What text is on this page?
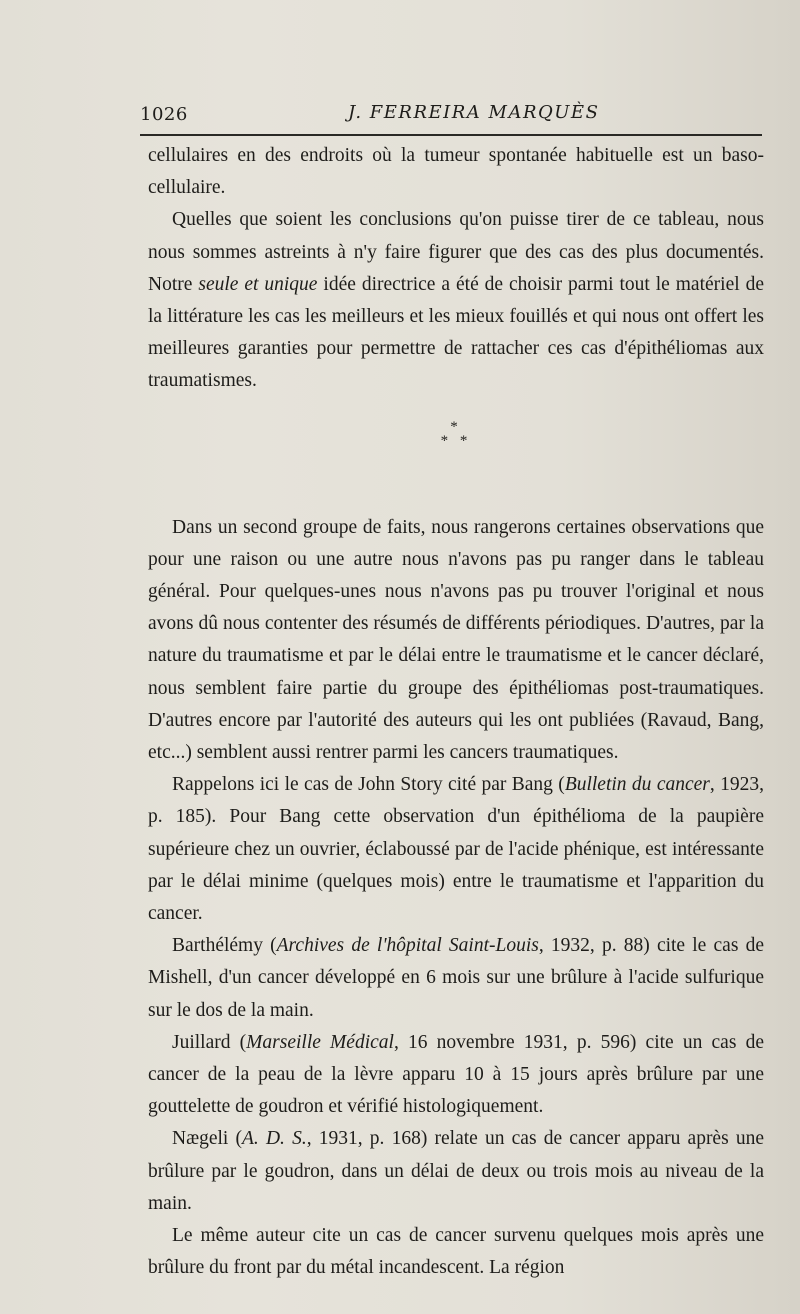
1026	J. FERREIRA MARQUÈS

cellulaires en des endroits où la tumeur spontanée habituelle est un baso-cellulaire.

Quelles que soient les conclusions qu'on puisse tirer de ce tableau, nous nous sommes astreints à n'y faire figurer que des cas des plus documentés. Notre seule et unique idée directrice a été de choisir parmi tout le matériel de la littérature les cas les meilleurs et les mieux fouillés et qui nous ont offert les meilleures garanties pour permettre de rattacher ces cas d'épithéliomas aux traumatismes.

*
* *

Dans un second groupe de faits, nous rangerons certaines observations que pour une raison ou une autre nous n'avons pas pu ranger dans le tableau général. Pour quelques-unes nous n'avons pas pu trouver l'original et nous avons dû nous contenter des résumés de différents périodiques. D'autres, par la nature du traumatisme et par le délai entre le traumatisme et le cancer déclaré, nous semblent faire partie du groupe des épithéliomas post-traumatiques. D'autres encore par l'autorité des auteurs qui les ont publiées (Ravaud, Bang, etc...) semblent aussi rentrer parmi les cancers traumatiques.

Rappelons ici le cas de John Story cité par Bang (Bulletin du cancer, 1923, p. 185). Pour Bang cette observation d'un épithélioma de la paupière supérieure chez un ouvrier, éclaboussé par de l'acide phénique, est intéressante par le délai minime (quelques mois) entre le traumatisme et l'apparition du cancer.

Barthélémy (Archives de l'hôpital Saint-Louis, 1932, p. 88) cite le cas de Mishell, d'un cancer développé en 6 mois sur une brûlure à l'acide sulfurique sur le dos de la main.

Juillard (Marseille Médical, 16 novembre 1931, p. 596) cite un cas de cancer de la peau de la lèvre apparu 10 à 15 jours après brûlure par une gouttelette de goudron et vérifié histologiquement.

Nægeli (A. D. S., 1931, p. 168) relate un cas de cancer apparu après une brûlure par le goudron, dans un délai de deux ou trois mois au niveau de la main.

Le même auteur cite un cas de cancer survenu quelques mois après une brûlure du front par du métal incandescent. La région
